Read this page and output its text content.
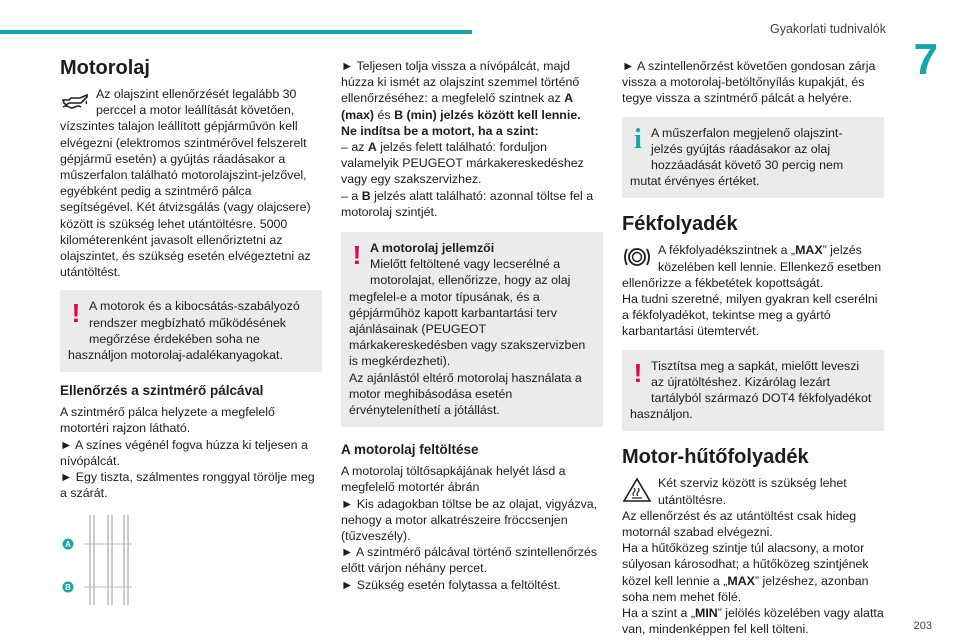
Gyakorlati tudnivalók
7
Motorolaj

Az olajszint ellenőrzését legalább 30 perccel a motor leállítását követően, vízszintes talajon leállított gépjárművön kell elvégezni (elektromos szintmérővel felszerelt gépjármű esetén) a gyújtás ráadásakor a műszerfalon található motorolajszint-jelzővel, egyébként pedig a szintmérő pálca segítségével. Két átvizsgálás (vagy olajcsere) között is szükség lehet utántöltésre. 5000 kilométerenként javasolt ellenőriztetni az olajszintet, és szükség esetén elvégeztetni az utántöltést.

! A motorok és a kibocsátás-szabályozó rendszer megbízható működésének megőrzése érdekében soha ne használjon motorolaj-adalékanyagokat.

Ellenőrzés a szintmérő pálcával

A szintmérő pálca helyzete a megfelelő motortéri rajzon látható.

► A színes végénél fogva húzza ki teljesen a nívópálcát.

► Egy tiszta, szálmentes ronggyal törölje meg a szárát.

A
B

► Teljesen tolja vissza a nívópálcát, majd húzza ki ismét az olajszint szemmel történő ellenőrzéséhez: a megfelelő szintnek az A (max) és B (min) jelzés között kell lennie.

Ne indítsa be a motort, ha a szint:

– az A jelzés felett található: forduljon valamelyik PEUGEOT márkakereskedéshez vagy egy szakszervizhez.

– a B jelzés alatt található: azonnal töltse fel a motorolaj szintjét.

! A motorolaj jellemzői

Mielőtt feltöltené vagy lecserélné a motorolajat, ellenőrizze, hogy az olaj megfelel-e a motor típusának, és a gépjárműhöz kapott karbantartási terv ajánlásainak (PEUGEOT márkakereskedésben vagy szakszervizben is megkérdezheti).

Az ajánlástól eltérő motorolaj használata a motor meghibásodása esetén érvényteleníthetí a jótállást.

A motorolaj feltöltése

A motorolaj töltősapkájának helyét lásd a megfelelő motortér ábrán

► Kis adagokban töltse be az olajat, vigyázva, nehogy a motor alkatrészeire fröccsenjen (tűzveszély).

► A szintmérő pálcával történő szintellenőrzés előtt várjon néhány percet.

► Szükség esetén folytassa a feltöltést.

► A szintellenőrzést követően gondosan zárja vissza a motorolaj-betöltőnyílás kupakját, és tegye vissza a szintmérő pálcát a helyére.

i A műszerfalon megjelenő olajszint-jelzés gyújtás ráadásakor az olaj hozzáadását követő 30 percig nem mutat érvényes értéket.

Fékfolyadék

A fékfolyadékszintnek a „MAX” jelzés közelében kell lennie. Ellenkező esetben ellenőrizze a fékbetétek kopottságát.

Ha tudni szeretné, milyen gyakran kell cserélni a fékfolyadékot, tekintse meg a gyártó karbantartási ütemtervét.

! Tisztítsa meg a sapkát, mielőtt leveszi az újratöltéshez. Kizárólag lezárt tartályból származó DOT4 fékfolyadékot használjon.

Motor-hűtőfolyadék

Két szerviz között is szükség lehet utántöltésre.

Az ellenőrzést és az utántöltést csak hideg motornál szabad elvégezni.

Ha a hűtőközeg szintje túl alacsony, a motor súlyosan károsodhat; a hűtőközeg szintjének közel kell lennie a „MAX” jelzéshez, azonban soha nem mehet fölé.

Ha a szint a „MIN” jelölés közelében vagy alatta van, mindenképpen fel kell tölteni.	203
